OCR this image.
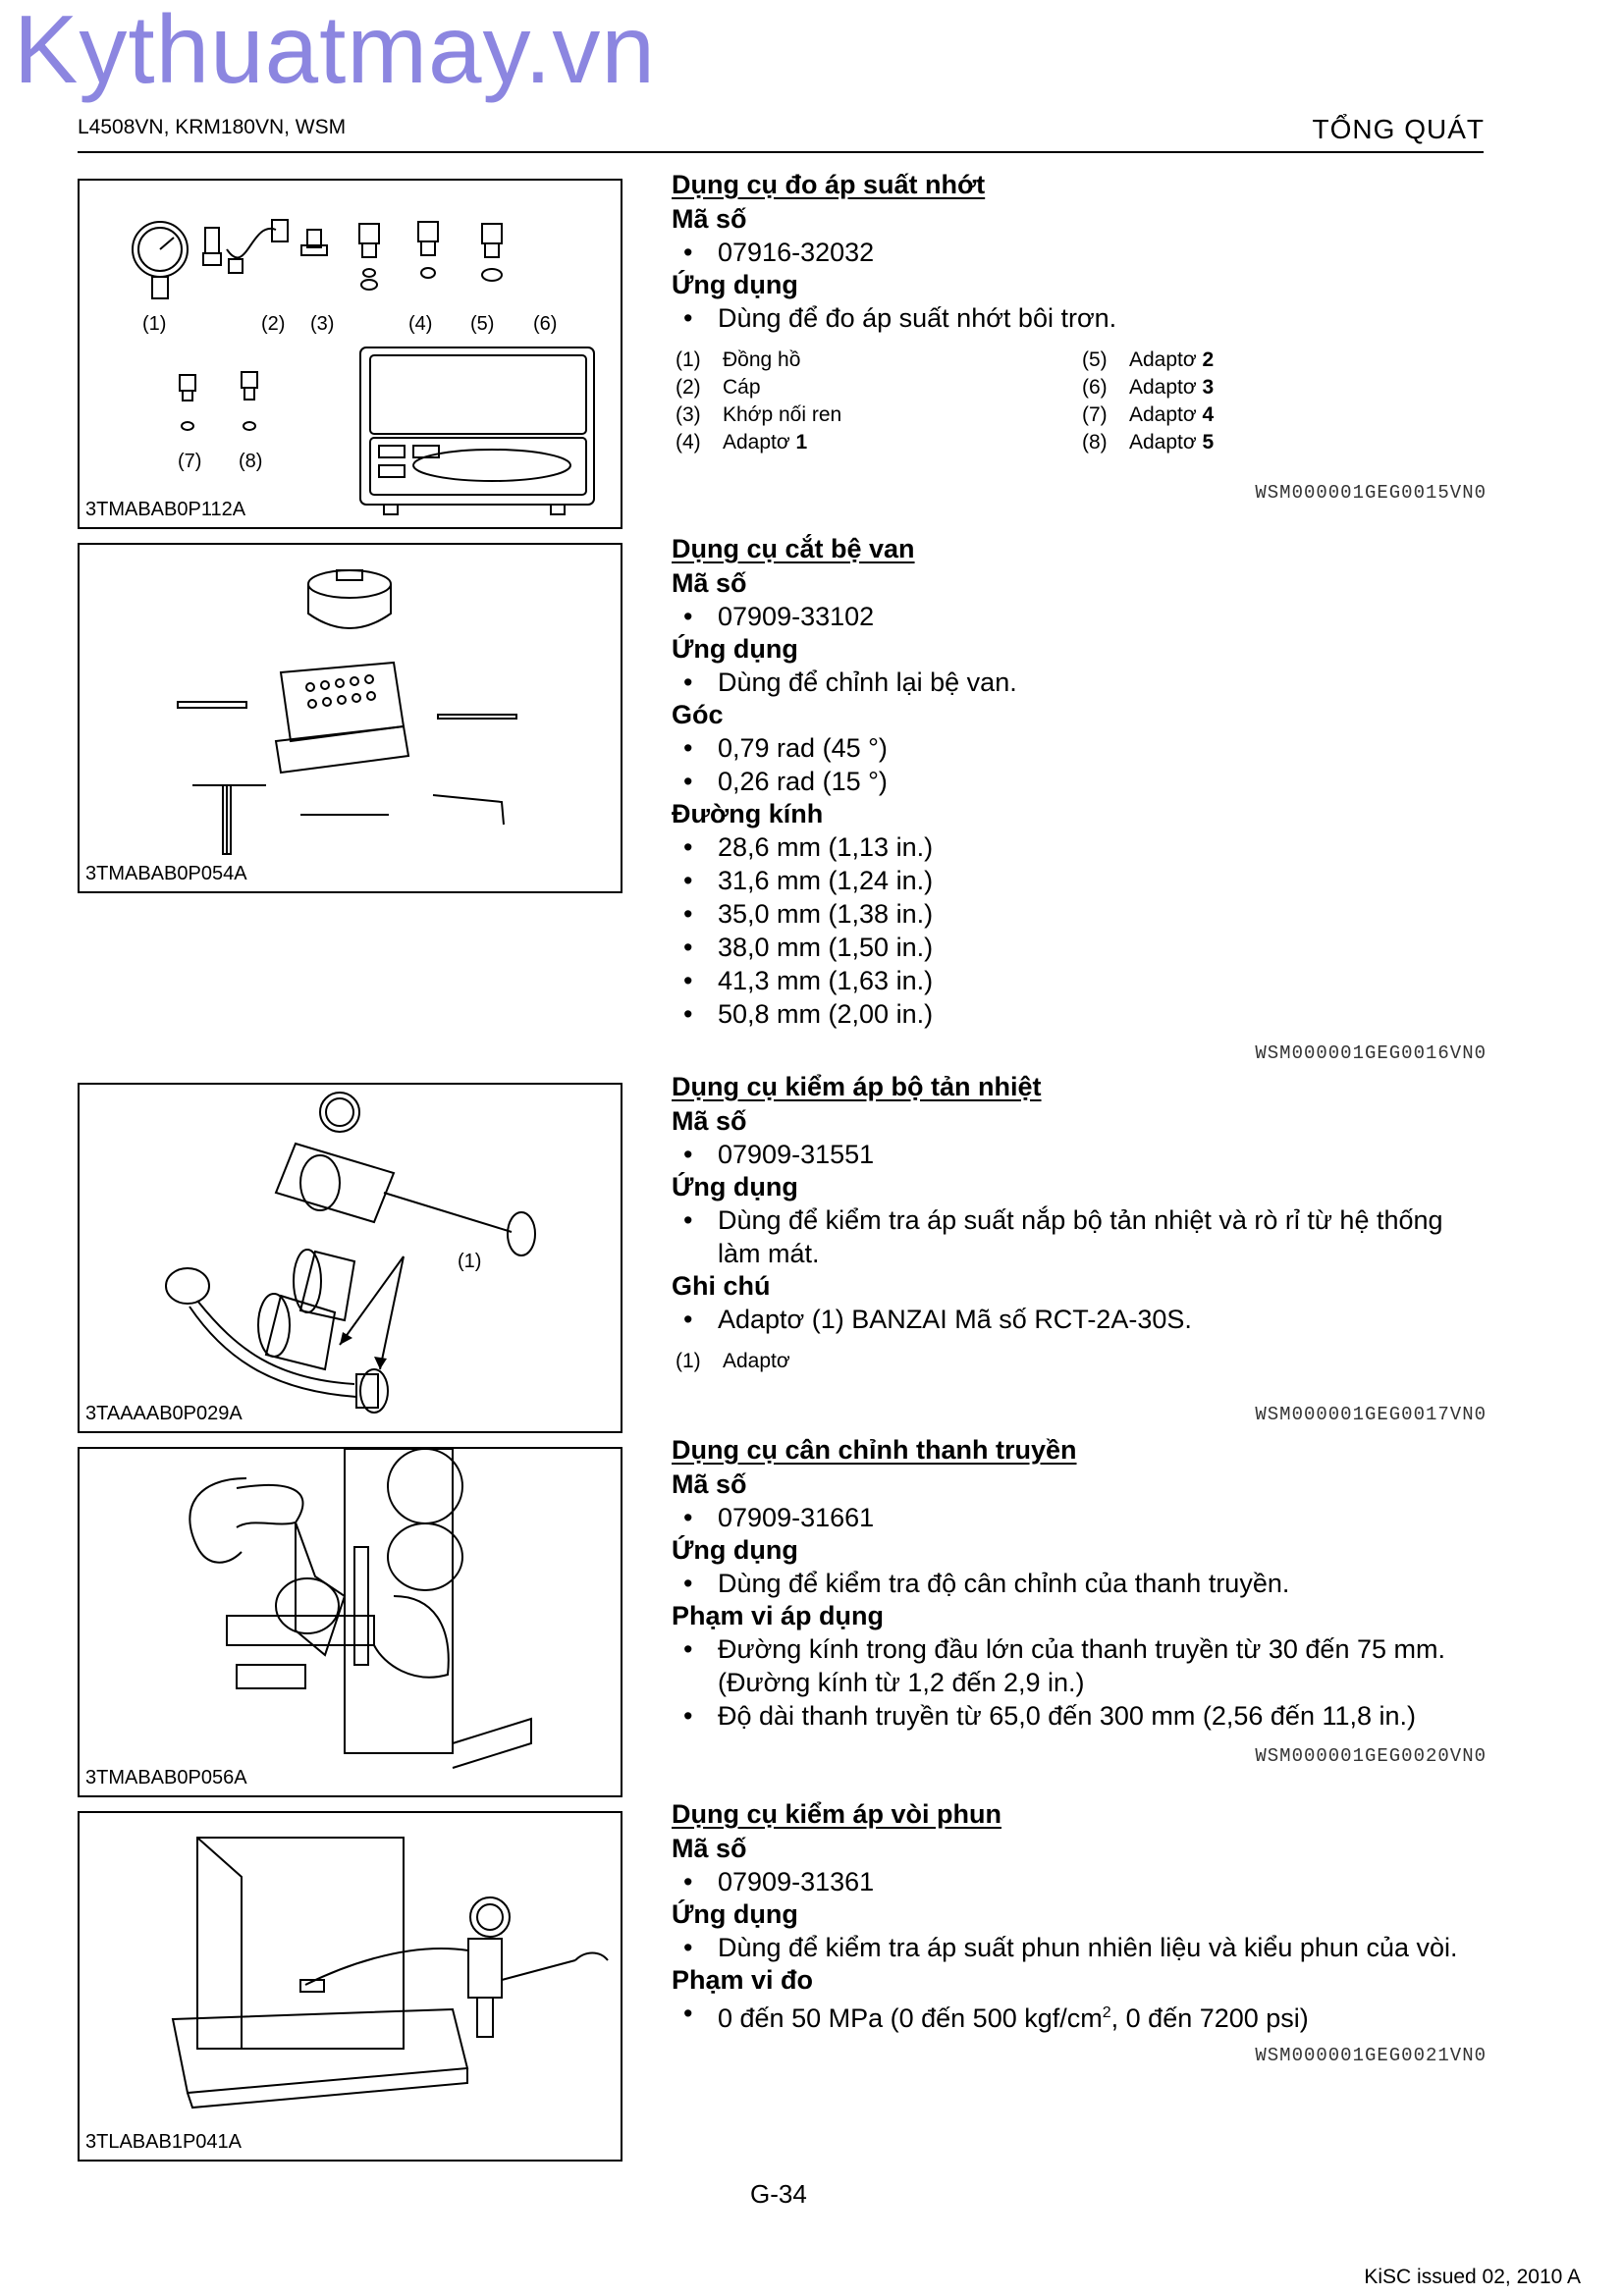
Kythuatmay.vn
L4508VN, KRM180VN, WSM	TỔNG QUÁT
(1)	(2) (3)	(4) (5) (6)
(7) (8)
3TMABAB0P112A
3TMABAB0P054A
(1)
3TAAAAB0P029A
3TMABAB0P056A
3TLABAB1P041A
Dụng cụ đo áp suất nhớt
Mã số
• 07916-32032
Ứng dụng
• Dùng để đo áp suất nhớt bôi trơn.
(1) Đồng hồ	(5) Adaptơ 2
(2) Cáp	(6) Adaptơ 3
(3) Khớp nối ren	(7) Adaptơ 4
(4) Adaptơ 1	(8) Adaptơ 5
WSM000001GEG0015VN0
Dụng cụ cắt bệ van
Mã số
• 07909-33102
Ứng dụng
• Dùng để chỉnh lại bệ van.
Góc
• 0,79 rad (45 °)
• 0,26 rad (15 °)
Đường kính
• 28,6 mm (1,13 in.)
• 31,6 mm (1,24 in.)
• 35,0 mm (1,38 in.)
• 38,0 mm (1,50 in.)
• 41,3 mm (1,63 in.)
• 50,8 mm (2,00 in.)
WSM000001GEG0016VN0
Dụng cụ kiểm áp bộ tản nhiệt
Mã số
• 07909-31551
Ứng dụng
• Dùng để kiểm tra áp suất nắp bộ tản nhiệt và rò rỉ từ hệ thống làm mát.
Ghi chú
• Adaptơ (1) BANZAI Mã số RCT-2A-30S.
(1) Adaptơ
WSM000001GEG0017VN0
Dụng cụ cân chỉnh thanh truyền
Mã số
• 07909-31661
Ứng dụng
• Dùng để kiểm tra độ cân chỉnh của thanh truyền.
Phạm vi áp dụng
• Đường kính trong đầu lớn của thanh truyền từ 30 đến 75 mm. (Đường kính từ 1,2 đến 2,9 in.)
• Độ dài thanh truyền từ 65,0 đến 300 mm (2,56 đến 11,8 in.)
WSM000001GEG0020VN0
Dụng cụ kiểm áp vòi phun
Mã số
• 07909-31361
Ứng dụng
• Dùng để kiểm tra áp suất phun nhiên liệu và kiểu phun của vòi.
Phạm vi đo
• 0 đến 50 MPa (0 đến 500 kgf/$cm^2$, 0 đến 7200 psi)
WSM000001GEG0021VN0
G-34
KiSC issued 02, 2010 A
